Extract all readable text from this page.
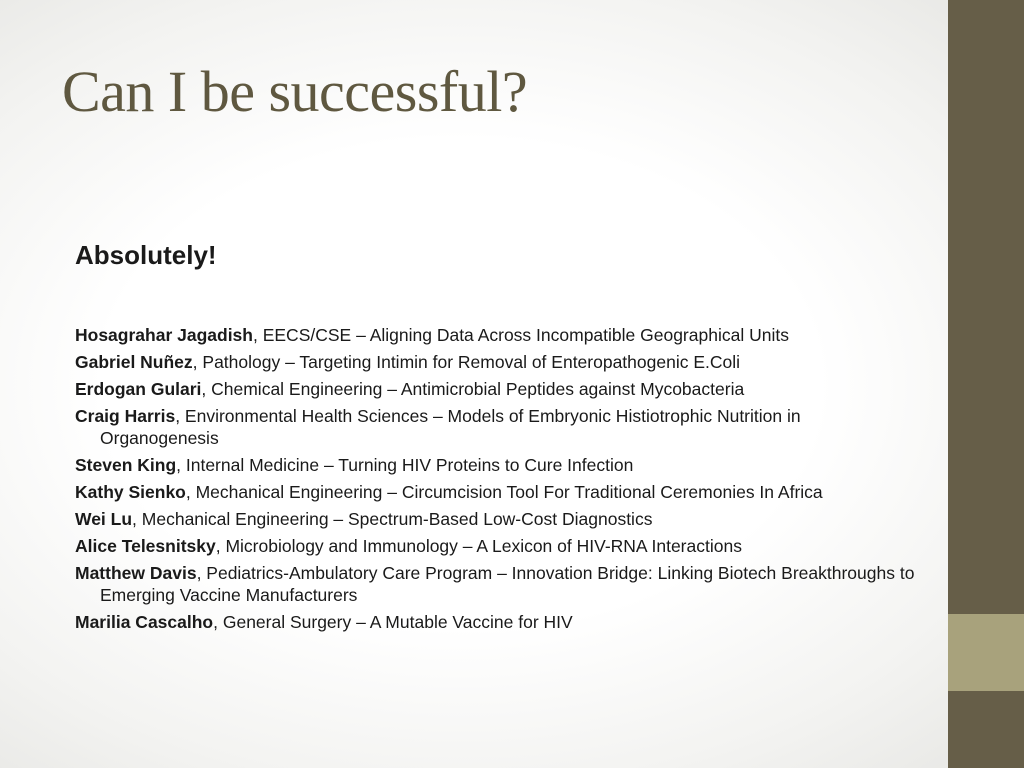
Can I be successful?
Absolutely!
Hosagrahar Jagadish, EECS/CSE – Aligning Data Across Incompatible Geographical Units
Gabriel Nuñez, Pathology – Targeting Intimin for Removal of Enteropathogenic E.Coli
Erdogan Gulari, Chemical Engineering – Antimicrobial Peptides against Mycobacteria
Craig Harris, Environmental Health Sciences – Models of Embryonic Histiotrophic Nutrition in Organogenesis
Steven King, Internal Medicine – Turning HIV Proteins to Cure Infection
Kathy Sienko, Mechanical Engineering – Circumcision Tool For Traditional Ceremonies In Africa
Wei Lu, Mechanical Engineering – Spectrum-Based Low-Cost Diagnostics
Alice Telesnitsky, Microbiology and Immunology – A Lexicon of HIV-RNA Interactions
Matthew Davis, Pediatrics-Ambulatory Care Program – Innovation Bridge: Linking Biotech Breakthroughs to Emerging Vaccine Manufacturers
Marilia Cascalho, General Surgery – A Mutable Vaccine for HIV
